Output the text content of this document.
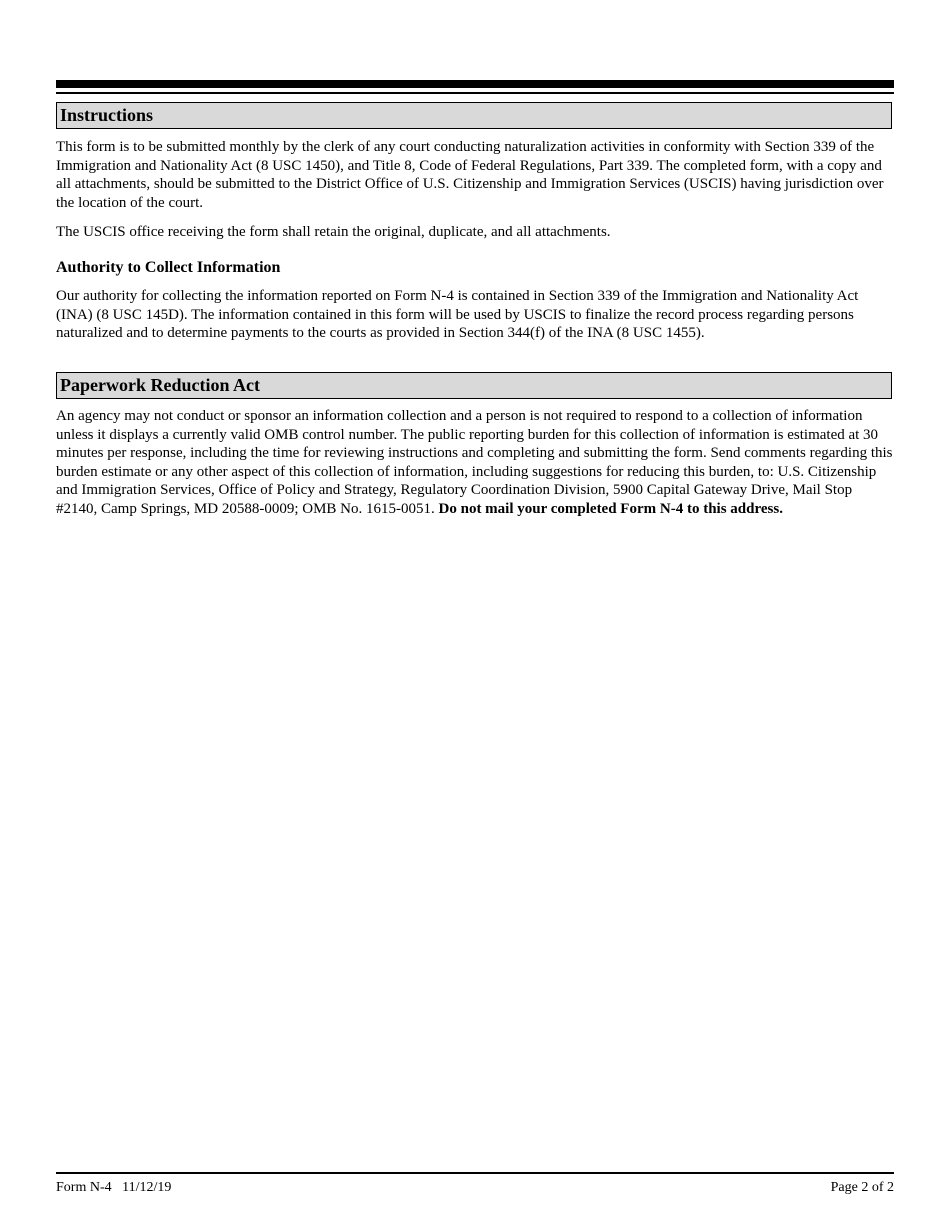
Instructions

This form is to be submitted monthly by the clerk of any court conducting naturalization activities in conformity with Section 339 of the Immigration and Nationality Act (8 USC 1450), and Title 8, Code of Federal Regulations, Part 339. The completed form, with a copy and all attachments, should be submitted to the District Office of U.S. Citizenship and Immigration Services (USCIS) having jurisdiction over the location of the court.

The USCIS office receiving the form shall retain the original, duplicate, and all attachments.

Authority to Collect Information

Our authority for collecting the information reported on Form N-4 is contained in Section 339 of the Immigration and Nationality Act (INA) (8 USC 145D). The information contained in this form will be used by USCIS to finalize the record process regarding persons naturalized and to determine payments to the courts as provided in Section 344(f) of the INA (8 USC 1455).

Paperwork Reduction Act

An agency may not conduct or sponsor an information collection and a person is not required to respond to a collection of information unless it displays a currently valid OMB control number. The public reporting burden for this collection of information is estimated at 30 minutes per response, including the time for reviewing instructions and completing and submitting the form. Send comments regarding this burden estimate or any other aspect of this collection of information, including suggestions for reducing this burden, to: U.S. Citizenship and Immigration Services, Office of Policy and Strategy, Regulatory Coordination Division, 5900 Capital Gateway Drive, Mail Stop #2140, Camp Springs, MD 20588-0009; OMB No. 1615-0051. Do not mail your completed Form N-4 to this address.

Form N-4   11/12/19	Page 2 of 2
